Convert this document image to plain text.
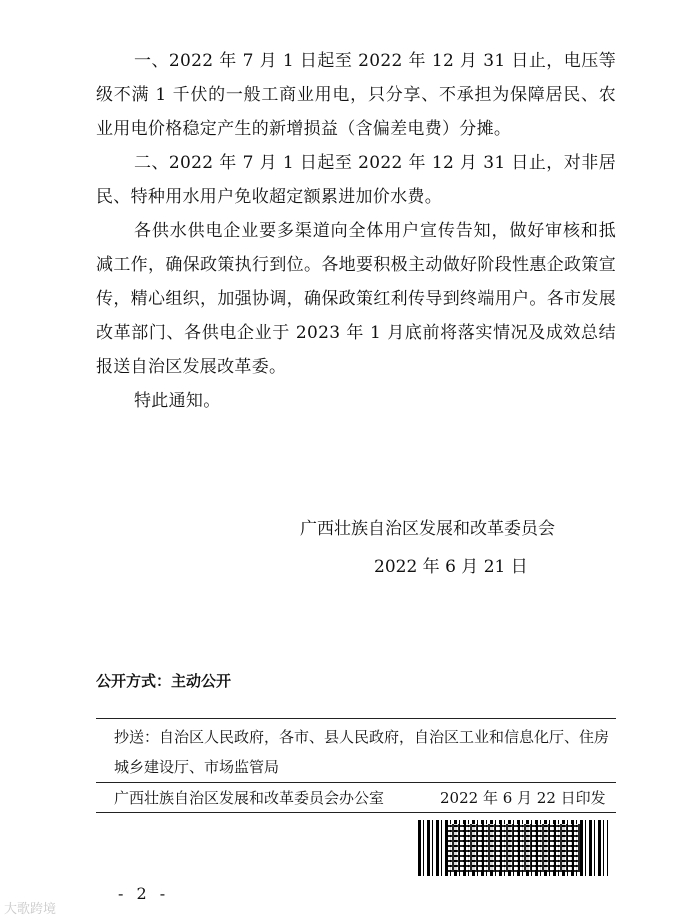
一、2022 年 7 月 1 日起至 2022 年 12 月 31 日止，电压等级不满 1 千伏的一般工商业用电，只分享、不承担为保障居民、农业用电价格稳定产生的新增损益（含偏差电费）分摊。

二、2022 年 7 月 1 日起至 2022 年 12 月 31 日止，对非居民、特种用水用户免收超定额累进加价水费。

各供水供电企业要多渠道向全体用户宣传告知，做好审核和抵减工作，确保政策执行到位。各地要积极主动做好阶段性惠企政策宣传，精心组织，加强协调，确保政策红利传导到终端用户。各市发展改革部门、各供电企业于 2023 年 1 月底前将落实情况及成效总结报送自治区发展改革委。

特此通知。

广西壮族自治区发展和改革委员会
2022 年 6 月 21 日
公开方式：主动公开
抄送：自治区人民政府，各市、县人民政府，自治区工业和信息化厅、住房城乡建设厅、市场监管局
广西壮族自治区发展和改革委员会办公室	2022 年 6 月 22 日印发
- 2 -
大歌跨境
